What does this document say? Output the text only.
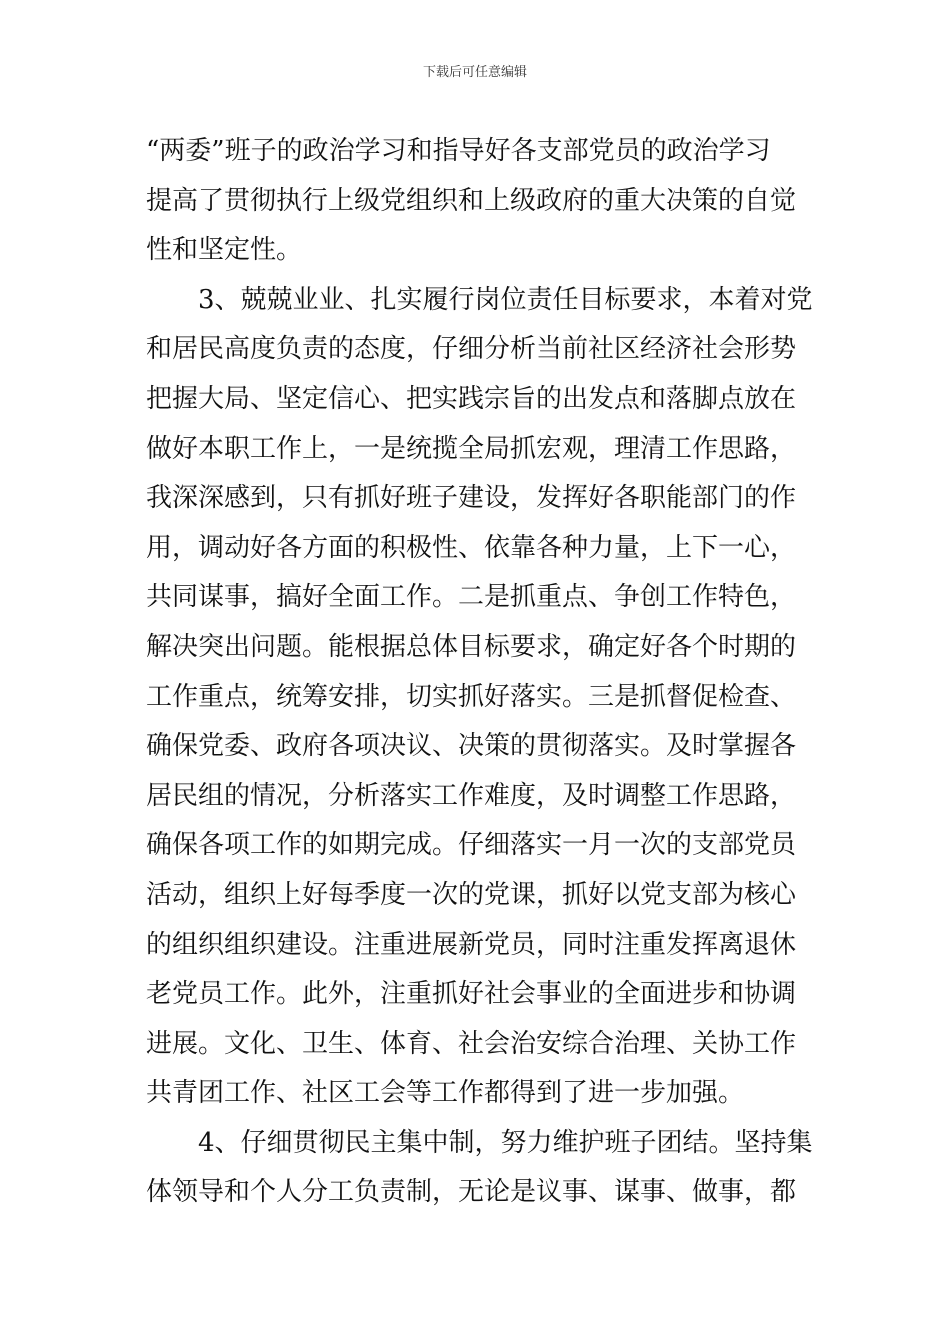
下载后可任意编辑
“两委”班子的政治学习和指导好各支部党员的政治学习
提高了贯彻执行上级党组织和上级政府的重大决策的自觉
性和坚定性。
3、兢兢业业、扎实履行岗位责任目标要求，本着对党
和居民高度负责的态度，仔细分析当前社区经济社会形势
把握大局、坚定信心、把实践宗旨的出发点和落脚点放在
做好本职工作上，一是统揽全局抓宏观，理清工作思路，
我深深感到，只有抓好班子建设，发挥好各职能部门的作
用，调动好各方面的积极性、依靠各种力量，上下一心，
共同谋事，搞好全面工作。二是抓重点、争创工作特色，
解决突出问题。能根据总体目标要求，确定好各个时期的
工作重点，统筹安排，切实抓好落实。三是抓督促检查、
确保党委、政府各项决议、决策的贯彻落实。及时掌握各
居民组的情况，分析落实工作难度，及时调整工作思路，
确保各项工作的如期完成。仔细落实一月一次的支部党员
活动，组织上好每季度一次的党课，抓好以党支部为核心
的组织组织建设。注重进展新党员，同时注重发挥离退休
老党员工作。此外，注重抓好社会事业的全面进步和协调
进展。文化、卫生、体育、社会治安综合治理、关协工作
共青团工作、社区工会等工作都得到了进一步加强。
4、仔细贯彻民主集中制，努力维护班子团结。坚持集
体领导和个人分工负责制，无论是议事、谋事、做事，都
